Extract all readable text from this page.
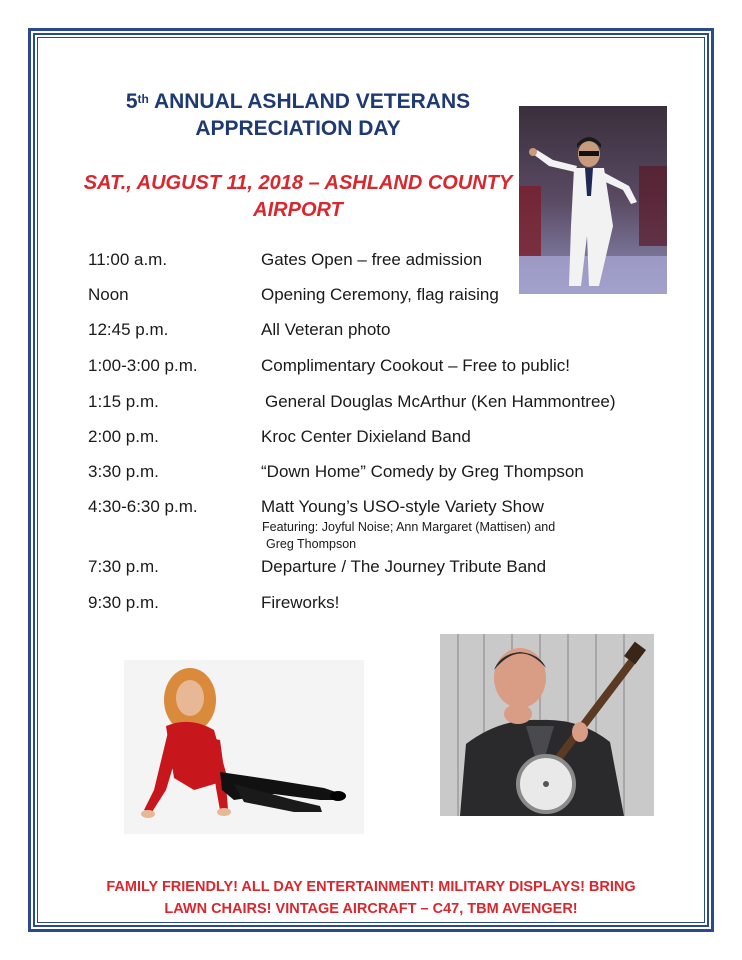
5th ANNUAL ASHLAND VETERANS
APPRECIATION DAY
SAT., AUGUST 11, 2018 – ASHLAND COUNTY
AIRPORT
11:00 a.m.	Gates Open – free admission
Noon	Opening Ceremony, flag raising
12:45 p.m.	All Veteran photo
1:00-3:00 p.m.	Complimentary Cookout – Free to public!
1:15 p.m.	General Douglas McArthur (Ken Hammontree)
2:00 p.m.	Kroc Center Dixieland Band
3:30 p.m.	“Down Home” Comedy by Greg Thompson
4:30-6:30 p.m.	Matt Young’s USO-style Variety Show
Featuring: Joyful Noise; Ann Margaret (Mattisen) and
Greg Thompson
7:30 p.m.	Departure / The Journey Tribute Band
9:30 p.m.	Fireworks!
FAMILY FRIENDLY! ALL DAY ENTERTAINMENT! MILITARY DISPLAYS! BRING
LAWN CHAIRS! VINTAGE AIRCRAFT – C47, TBM AVENGER!
